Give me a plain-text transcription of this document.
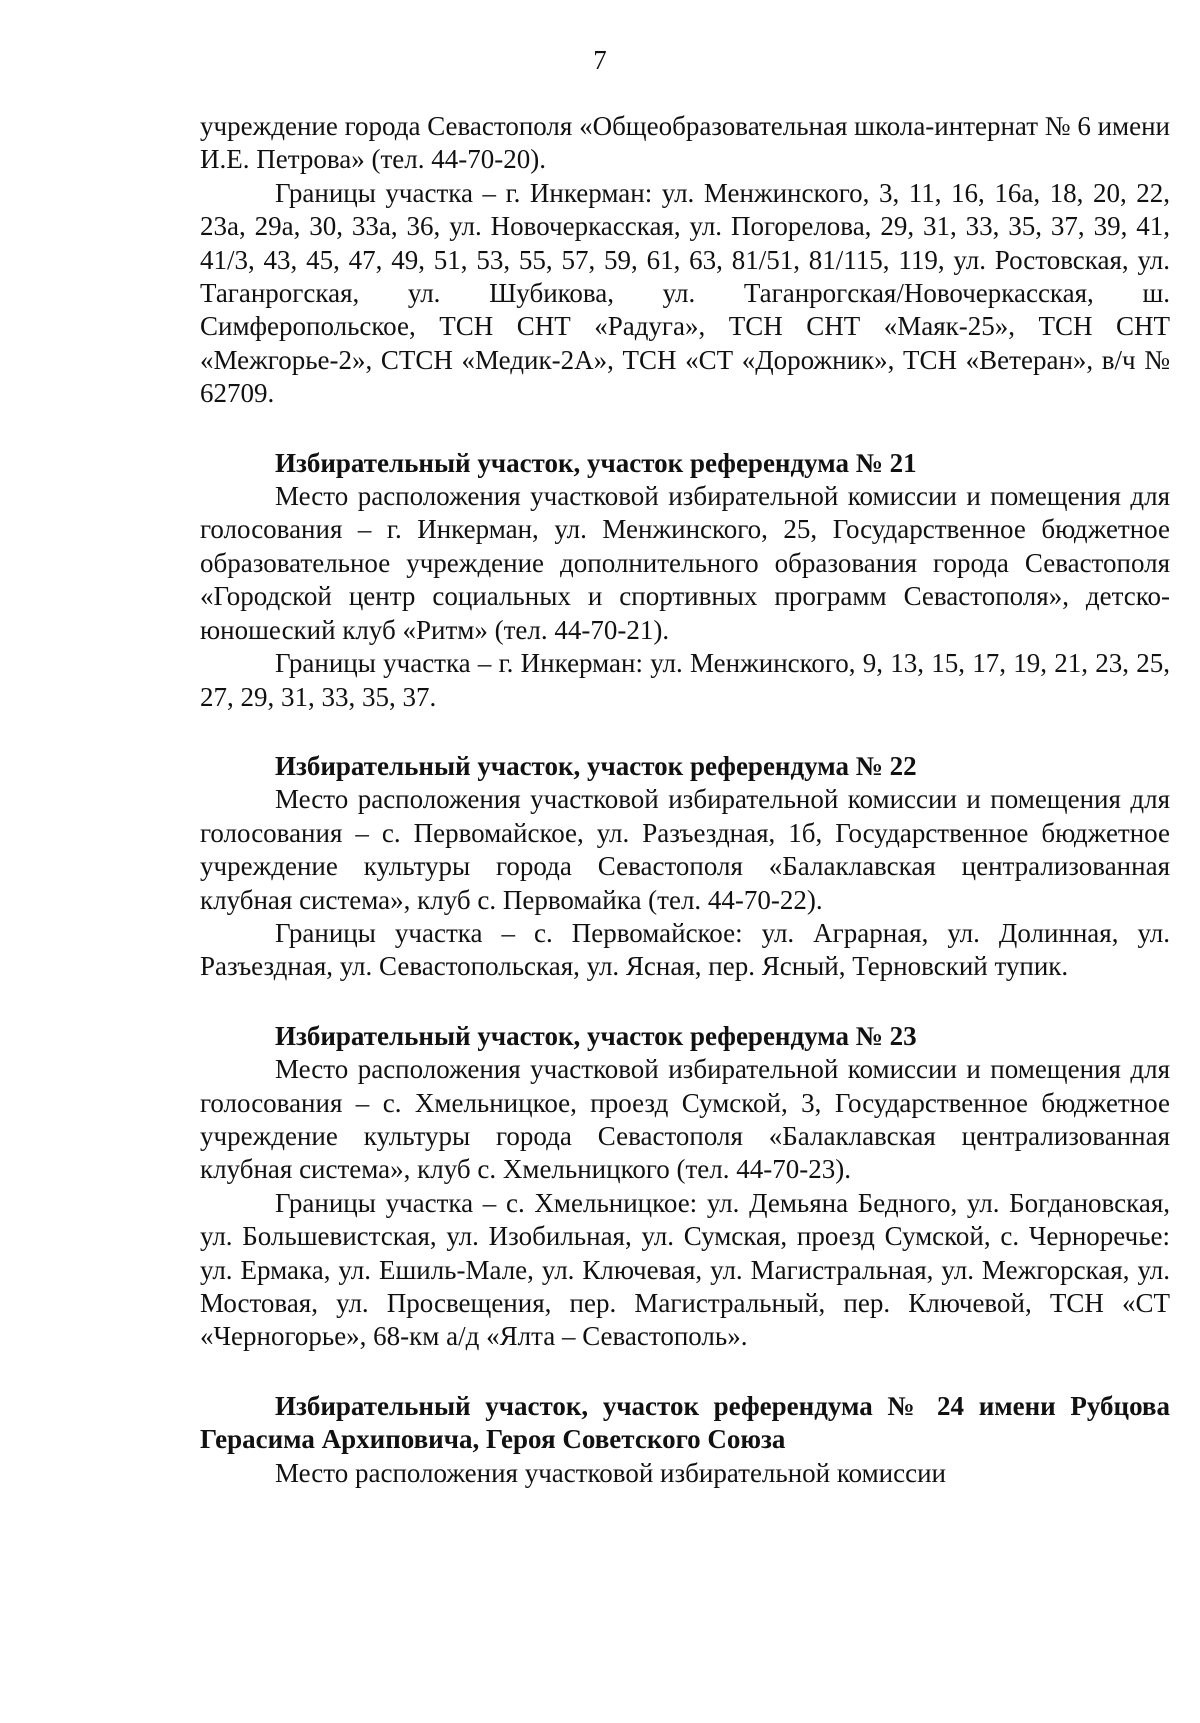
7

учреждение города Севастополя «Общеобразовательная школа-интернат № 6 имени И.Е. Петрова» (тел. 44-70-20).

Границы участка – г. Инкерман: ул. Менжинского, 3, 11, 16, 16а, 18, 20, 22, 23а, 29а, 30, 33а, 36, ул. Новочеркасская, ул. Погорелова, 29, 31, 33, 35, 37, 39, 41, 41/3, 43, 45, 47, 49, 51, 53, 55, 57, 59, 61, 63, 81/51, 81/115, 119, ул. Ростовская, ул. Таганрогская, ул. Шубикова, ул. Таганрогская/Новочеркасская, ш. Симферопольское, ТСН СНТ «Радуга», ТСН СНТ «Маяк-25», ТСН СНТ «Межгорье-2», СТСН «Медик-2А», ТСН «СТ «Дорожник», ТСН «Ветеран», в/ч № 62709.

Избирательный участок, участок референдума № 21

Место расположения участковой избирательной комиссии и помещения для голосования – г. Инкерман, ул. Менжинского, 25, Государственное бюджетное образовательное учреждение дополнительного образования города Севастополя «Городской центр социальных и спортивных программ Севастополя», детско-юношеский клуб «Ритм» (тел. 44-70-21).

Границы участка – г. Инкерман: ул. Менжинского, 9, 13, 15, 17, 19, 21, 23, 25, 27, 29, 31, 33, 35, 37.

Избирательный участок, участок референдума № 22

Место расположения участковой избирательной комиссии и помещения для голосования – с. Первомайское, ул. Разъездная, 1б, Государственное бюджетное учреждение культуры города Севастополя «Балаклавская централизованная клубная система», клуб с. Первомайка (тел. 44-70-22).

Границы участка – с. Первомайское: ул. Аграрная, ул. Долинная, ул. Разъездная, ул. Севастопольская, ул. Ясная, пер. Ясный, Терновский тупик.

Избирательный участок, участок референдума № 23

Место расположения участковой избирательной комиссии и помещения для голосования – с. Хмельницкое, проезд Сумской, 3, Государственное бюджетное учреждение культуры города Севастополя «Балаклавская централизованная клубная система», клуб с. Хмельницкого (тел. 44-70-23).

Границы участка – с. Хмельницкое: ул. Демьяна Бедного, ул. Богдановская, ул. Большевистская, ул. Изобильная, ул. Сумская, проезд Сумской, с. Черноречье: ул. Ермака, ул. Ешиль-Мале, ул. Ключевая, ул. Магистральная, ул. Межгорская, ул. Мостовая, ул. Просвещения, пер. Магистральный, пер. Ключевой, ТСН «СТ «Черногорье», 68-км а/д «Ялта – Севастополь».

Избирательный участок, участок референдума № 24 имени Рубцова Герасима Архиповича, Героя Советского Союза

Место расположения участковой избирательной комиссии
